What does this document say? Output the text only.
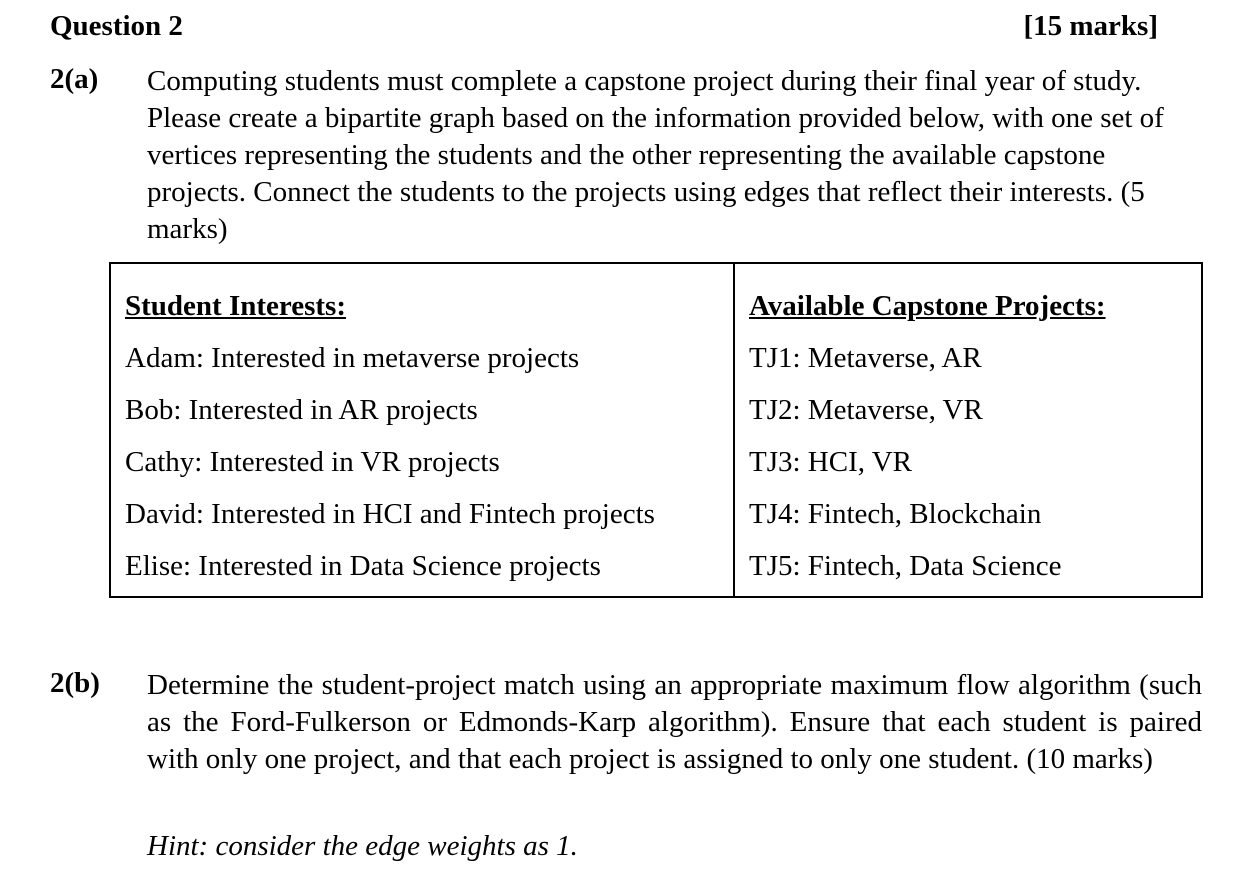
Question 2	[15 marks]
2(a) Computing students must complete a capstone project during their final year of study. Please create a bipartite graph based on the information provided below, with one set of vertices representing the students and the other representing the available capstone projects. Connect the students to the projects using edges that reflect their interests. (5 marks)
Student Interests:
Adam: Interested in metaverse projects
Bob: Interested in AR projects
Cathy: Interested in VR projects
David: Interested in HCI and Fintech projects
Elise: Interested in Data Science projects
Available Capstone Projects:
TJ1: Metaverse, AR
TJ2: Metaverse, VR
TJ3: HCI, VR
TJ4: Fintech, Blockchain
TJ5: Fintech, Data Science
2(b) Determine the student-project match using an appropriate maximum flow algorithm (such as the Ford-Fulkerson or Edmonds-Karp algorithm). Ensure that each student is paired with only one project, and that each project is assigned to only one student. (10 marks)
Hint: consider the edge weights as 1.
